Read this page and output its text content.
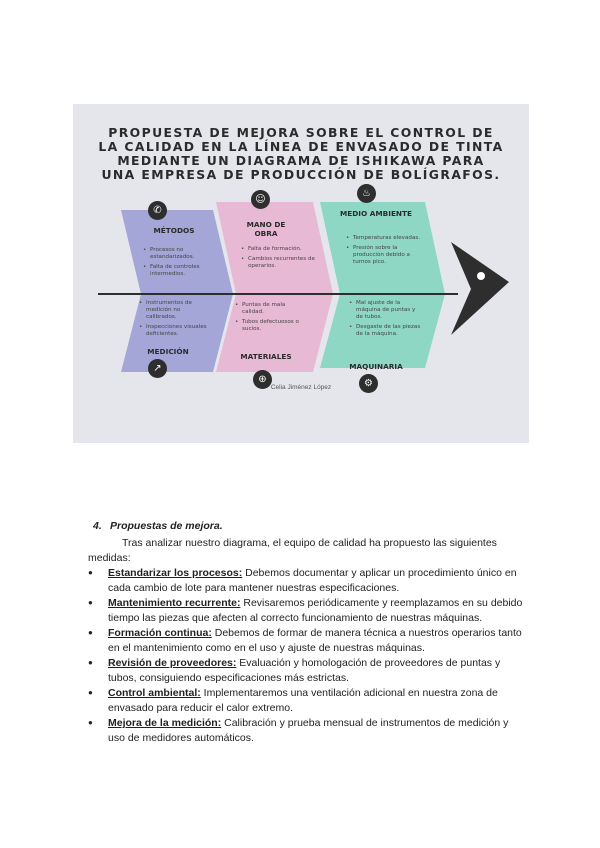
PROPUESTA DE MEJORA SOBRE EL CONTROL DE
LA CALIDAD EN LA LÍNEA DE ENVASADO DE TINTA
MEDIANTE UN DIAGRAMA DE ISHIKAWA PARA
UNA EMPRESA DE PRODUCCIÓN DE BOLÍGRAFOS.
✆
☺
♨
↗
⊕	⚙
MÉTODOS
MANO DE OBRA
MEDIO AMBIENTE
MEDICIÓN
MATERIALES
MAQUINARIA
• Procesos no estandarizados.
• Falta de controles intermedios.
• Falta de formación.
• Cambios recurrentes de operarios.
• Temperaturas elevadas.
• Presión sobre la producción debido a turnos pico.
• Instrumentos de medición no calibrados.
• Inspecciones visuales deficientes.
• Puntas de mala calidad.
• Tubos defectuosos o sucios.
• Mal ajuste de la máquina de puntas y de tubos.
• Desgaste de las piezas de la máquina.
Celia Jiménez López
4. Propuestas de mejora.
Tras analizar nuestro diagrama, el equipo de calidad ha propuesto las siguientes
medidas:
● Estandarizar los procesos: Debemos documentar y aplicar un procedimiento único en cada cambio de lote para mantener nuestras especificaciones.
● Mantenimiento recurrente: Revisaremos periódicamente y reemplazamos en su debido tiempo las piezas que afecten al correcto funcionamiento de nuestras máquinas.
● Formación continua: Debemos de formar de manera técnica a nuestros operarios tanto en el mantenimiento como en el uso y ajuste de nuestras máquinas.
● Revisión de proveedores: Evaluación y homologación de proveedores de puntas y tubos, consiguiendo especificaciones más estrictas.
● Control ambiental: Implementaremos una ventilación adicional en nuestra zona de envasado para reducir el calor extremo.
● Mejora de la medición: Calibración y prueba mensual de instrumentos de medición y uso de medidores automáticos.
